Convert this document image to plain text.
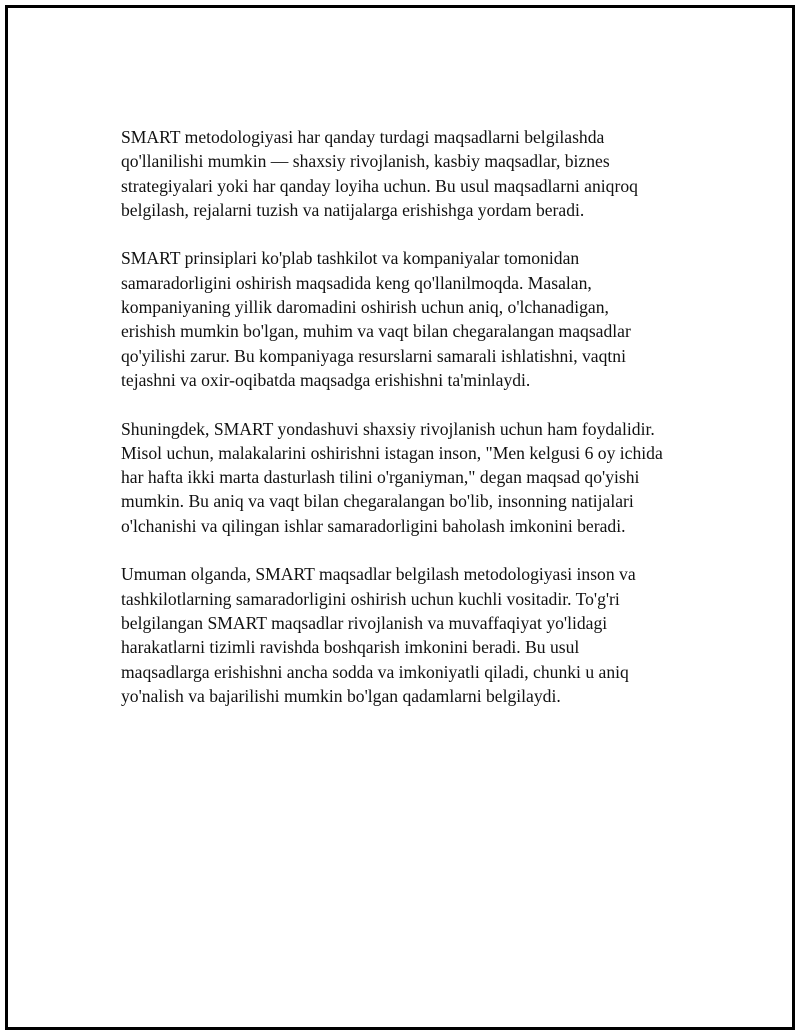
SMART metodologiyasi har qanday turdagi maqsadlarni belgilashda
qo'llanilishi mumkin — shaxsiy rivojlanish, kasbiy maqsadlar, biznes
strategiyalari yoki har qanday loyiha uchun. Bu usul maqsadlarni aniqroq
belgilash, rejalarni tuzish va natijalarga erishishga yordam beradi.

SMART prinsiplari ko'plab tashkilot va kompaniyalar tomonidan
samaradorligini oshirish maqsadida keng qo'llanilmoqda. Masalan,
kompaniyaning yillik daromadini oshirish uchun aniq, o'lchanadigan,
erishish mumkin bo'lgan, muhim va vaqt bilan chegaralangan maqsadlar
qo'yilishi zarur. Bu kompaniyaga resurslarni samarali ishlatishni, vaqtni
tejashni va oxir-oqibatda maqsadga erishishni ta'minlaydi.

Shuningdek, SMART yondashuvi shaxsiy rivojlanish uchun ham foydalidir.
Misol uchun, malakalarini oshirishni istagan inson, "Men kelgusi 6 oy ichida
har hafta ikki marta dasturlash tilini o'rganiyman," degan maqsad qo'yishi
mumkin. Bu aniq va vaqt bilan chegaralangan bo'lib, insonning natijalari
o'lchanishi va qilingan ishlar samaradorligini baholash imkonini beradi.

Umuman olganda, SMART maqsadlar belgilash metodologiyasi inson va
tashkilotlarning samaradorligini oshirish uchun kuchli vositadir. To'g'ri
belgilangan SMART maqsadlar rivojlanish va muvaffaqiyat yo'lidagi
harakatlarni tizimli ravishda boshqarish imkonini beradi. Bu usul
maqsadlarga erishishni ancha sodda va imkoniyatli qiladi, chunki u aniq
yo'nalish va bajarilishi mumkin bo'lgan qadamlarni belgilaydi.
